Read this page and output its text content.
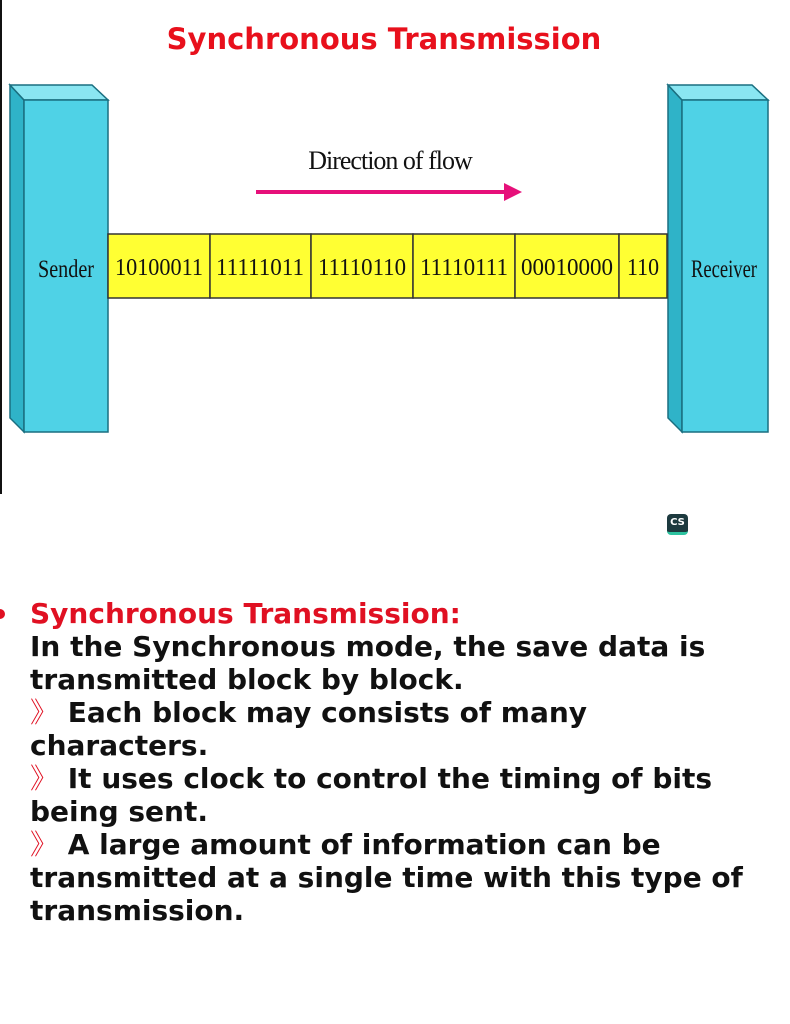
Synchronous Transmission
Sender	Receiver
10100011 11111011 11110110 11110111 00010000 110
Direction of flow
CS
Synchronous Transmission:
In the Synchronous mode, the save data is
transmitted block by block.
》 Each block may consists of many
characters.
》 It uses clock to control the timing of bits
being sent.
》 A large amount of information can be
transmitted at a single time with this type of
transmission.
